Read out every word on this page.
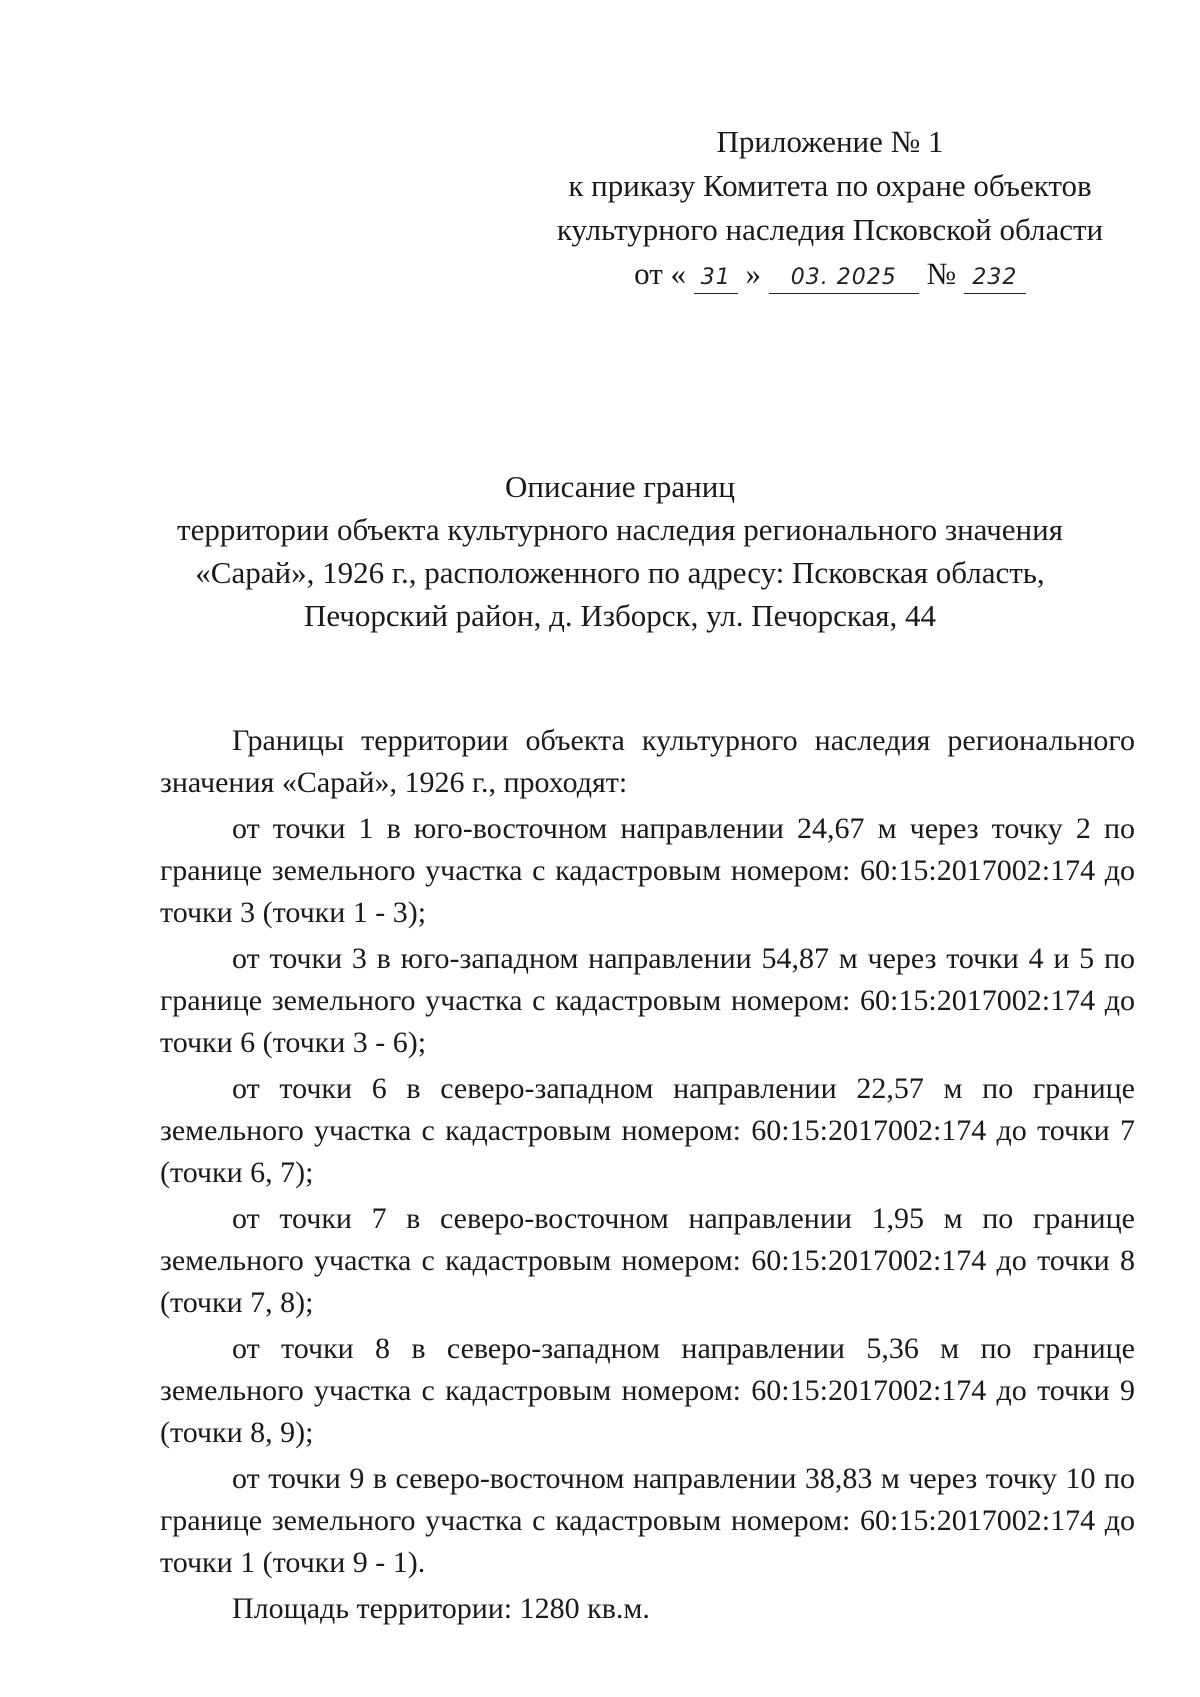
Приложение № 1
к приказу Комитета по охране объектов
культурного наследия Псковской области
от « 31 » 03. 2025 № 232
Описание границ
территории объекта культурного наследия регионального значения
«Сарай», 1926 г., расположенного по адресу: Псковская область,
Печорский район, д. Изборск, ул. Печорская, 44

Границы территории объекта культурного наследия регионального значения «Сарай», 1926 г., проходят:

от точки 1 в юго-восточном направлении 24,67 м через точку 2 по границе земельного участка с кадастровым номером: 60:15:2017002:174 до точки 3 (точки 1 - 3);

от точки 3 в юго-западном направлении 54,87 м через точки 4 и 5 по границе земельного участка с кадастровым номером: 60:15:2017002:174 до точки 6 (точки 3 - 6);

от точки 6 в северо-западном направлении 22,57 м по границе земельного участка с кадастровым номером: 60:15:2017002:174 до точки 7 (точки 6, 7);

от точки 7 в северо-восточном направлении 1,95 м по границе земельного участка с кадастровым номером: 60:15:2017002:174 до точки 8 (точки 7, 8);

от точки 8 в северо-западном направлении 5,36 м по границе земельного участка с кадастровым номером: 60:15:2017002:174 до точки 9 (точки 8, 9);

от точки 9 в северо-восточном направлении 38,83 м через точку 10 по границе земельного участка с кадастровым номером: 60:15:2017002:174 до точки 1 (точки 9 - 1).

Площадь территории: 1280 кв.м.
